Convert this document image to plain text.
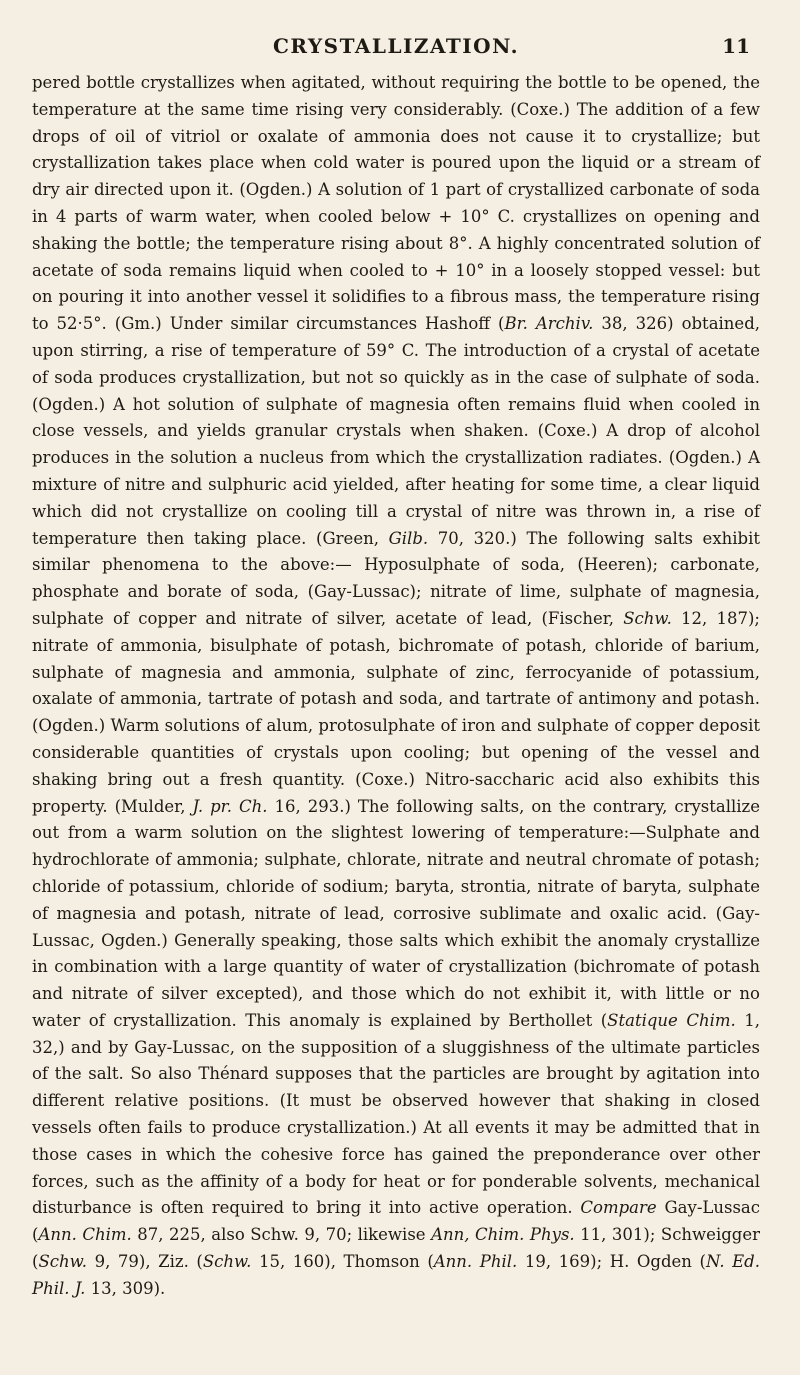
CRYSTALLIZATION.	11

pered bottle crystallizes when agitated, without requiring the bottle to be opened, the temperature at the same time rising very considerably. (Coxe.) The addition of a few drops of oil of vitriol or oxalate of ammonia does not cause it to crystallize; but crystallization takes place when cold water is poured upon the liquid or a stream of dry air directed upon it. (Ogden.) A solution of 1 part of crystallized carbonate of soda in 4 parts of warm water, when cooled below + 10° C. crystallizes on opening and shaking the bottle; the temperature rising about 8°. A highly concentrated solution of acetate of soda remains liquid when cooled to + 10° in a loosely stopped vessel: but on pouring it into another vessel it solidifies to a fibrous mass, the temperature rising to 52·5°. (Gm.) Under similar circumstances Hashoff (Br. Archiv. 38, 326) obtained, upon stirring, a rise of temperature of 59° C. The introduction of a crystal of acetate of soda produces crystallization, but not so quickly as in the case of sulphate of soda. (Ogden.) A hot solution of sulphate of magnesia often remains fluid when cooled in close vessels, and yields granular crystals when shaken. (Coxe.) A drop of alcohol produces in the solution a nucleus from which the crystallization radiates. (Ogden.) A mixture of nitre and sulphuric acid yielded, after heating for some time, a clear liquid which did not crystallize on cooling till a crystal of nitre was thrown in, a rise of temperature then taking place. (Green, Gilb. 70, 320.) The following salts exhibit similar phenomena to the above:— Hyposulphate of soda, (Heeren); carbonate, phosphate and borate of soda, (Gay-Lussac); nitrate of lime, sulphate of magnesia, sulphate of copper and nitrate of silver, acetate of lead, (Fischer, Schw. 12, 187); nitrate of ammonia, bisulphate of potash, bichromate of potash, chloride of barium, sulphate of magnesia and ammonia, sulphate of zinc, ferrocyanide of potassium, oxalate of ammonia, tartrate of potash and soda, and tartrate of antimony and potash. (Ogden.) Warm solutions of alum, protosulphate of iron and sulphate of copper deposit considerable quantities of crystals upon cooling; but opening of the vessel and shaking bring out a fresh quantity. (Coxe.) Nitro-saccharic acid also exhibits this property. (Mulder, J. pr. Ch. 16, 293.) The following salts, on the contrary, crystallize out from a warm solution on the slightest lowering of temperature:—Sulphate and hydrochlorate of ammonia; sulphate, chlorate, nitrate and neutral chromate of potash; chloride of potassium, chloride of sodium; baryta, strontia, nitrate of baryta, sulphate of magnesia and potash, nitrate of lead, corrosive sublimate and oxalic acid. (Gay-Lussac, Ogden.) Generally speaking, those salts which exhibit the anomaly crystallize in combination with a large quantity of water of crystallization (bichromate of potash and nitrate of silver excepted), and those which do not exhibit it, with little or no water of crystallization. This anomaly is explained by Berthollet (Statique Chim. 1, 32,) and by Gay-Lussac, on the supposition of a sluggishness of the ultimate particles of the salt. So also Thénard supposes that the particles are brought by agitation into different relative positions. (It must be observed however that shaking in closed vessels often fails to produce crystallization.) At all events it may be admitted that in those cases in which the cohesive force has gained the preponderance over other forces, such as the affinity of a body for heat or for ponderable solvents, mechanical disturbance is often required to bring it into active operation. Compare Gay-Lussac (Ann. Chim. 87, 225, also Schw. 9, 70; likewise Ann, Chim. Phys. 11, 301); Schweigger (Schw. 9, 79), Ziz. (Schw. 15, 160), Thomson (Ann. Phil. 19, 169); H. Ogden (N. Ed. Phil. J. 13, 309).
